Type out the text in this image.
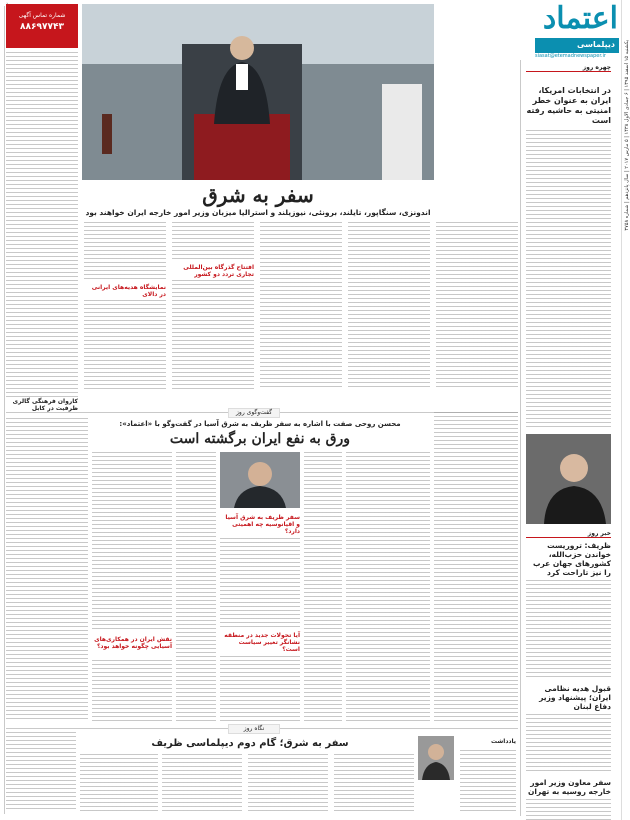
اعتماد
یکشنبه ۱۵ اسفند ۱۳۹۵ | ۶ جمادی الاول ۱۴۳۸ | ۵ مارس ۲۰۱۷ | سال پانزدهم | شماره ۳۷۵۸
دیپلماسی
siasat@etemadnewspaper.ir
چهره روز
در انتخابات امریکا، ایران به عنوان خطر امنیتی به حاشیه رفته است
خبر روز
ظریف: تروریست خواندن حزب‌الله، کشورهای جهان عرب را نیز تاراحت کرد
قبول هدیه نظامی ایران؛ پیشنهاد وزیر دفاع لبنان
سفر معاون وزیر امور خارجه روسیه به تهران
شماره تماس آگهی
۸۸۶۹۷۷۴۳
سفر به شرق
اندونزی، سنگاپور، تایلند، برونئی، نیوزیلند و استرالیا میزبان وزیر امور خارجه ایران خواهند بود
افتتاح گذرگاه بین‌المللی تجاری تردد دو کشور
نمایشگاه هدیه‌های ایرانی در دالای
کاروان فرهنگی گالری ظرفیت در کابل
گفت‌وگوی روز
محسن روحی صفت با اشاره به سفر ظریف به شرق آسیا در گفت‌وگو با «اعتماد»:
ورق به نفع ایران برگشته است
سفر ظریف به شرق آسیا و اقیانوسیه چه اهمیتی دارد؟
آیا تحولات جدید در منطقه نشانگر تغییر سیاست است؟
نقش ایران در همکاری‌های آسیایی چگونه خواهد بود؟
نگاه روز
سفر به شرق؛ گام دوم دیپلماسی ظریف	یادداشت
